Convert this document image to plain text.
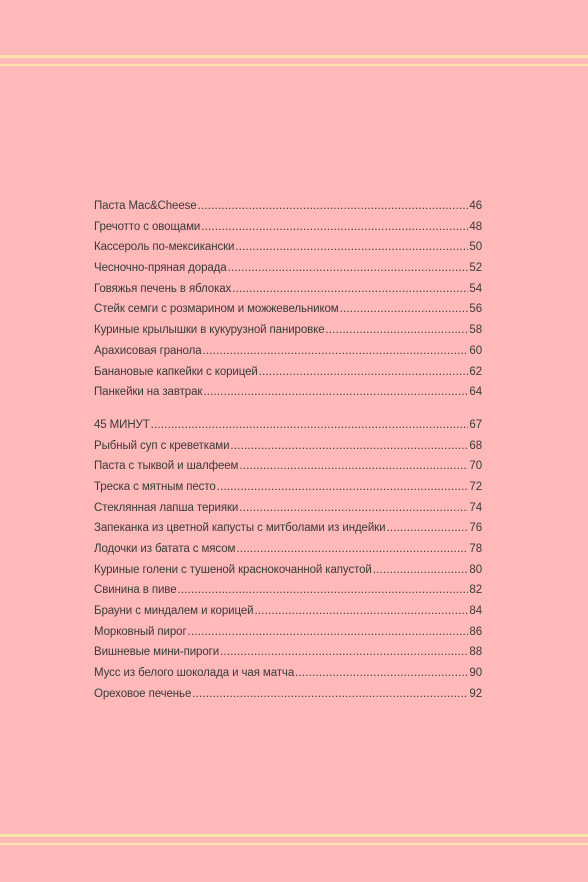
Паста Mac&Cheese .....	46
Гречотто с овощами .....	48
Кассероль по-мексикански .....	50
Чесночно-пряная дорада .....	52
Говяжья печень в яблоках .....	54
Стейк семги с розмарином и можжевельником .....	56
Куриные крылышки в кукурузной панировке .....	58
Арахисовая гранола .....	60
Банановые капкейки с корицей .....	62
Панкейки на завтрак .....	64
45 МИНУТ .....	67
Рыбный суп с креветками .....	68
Паста с тыквой и шалфеем .....	70
Треска с мятным песто .....	72
Стеклянная лапша терияки .....	74
Запеканка из цветной капусты с митболами из индейки .....	76
Лодочки из батата с мясом .....	78
Куриные голени с тушеной краснокочанной капустой .....	80
Свинина в пиве .....	82
Брауни с миндалем и корицей .....	84
Морковный пирог .....	86
Вишневые мини-пироги .....	88
Мусс из белого шоколада и чая матча .....	90
Ореховое печенье .....	92
